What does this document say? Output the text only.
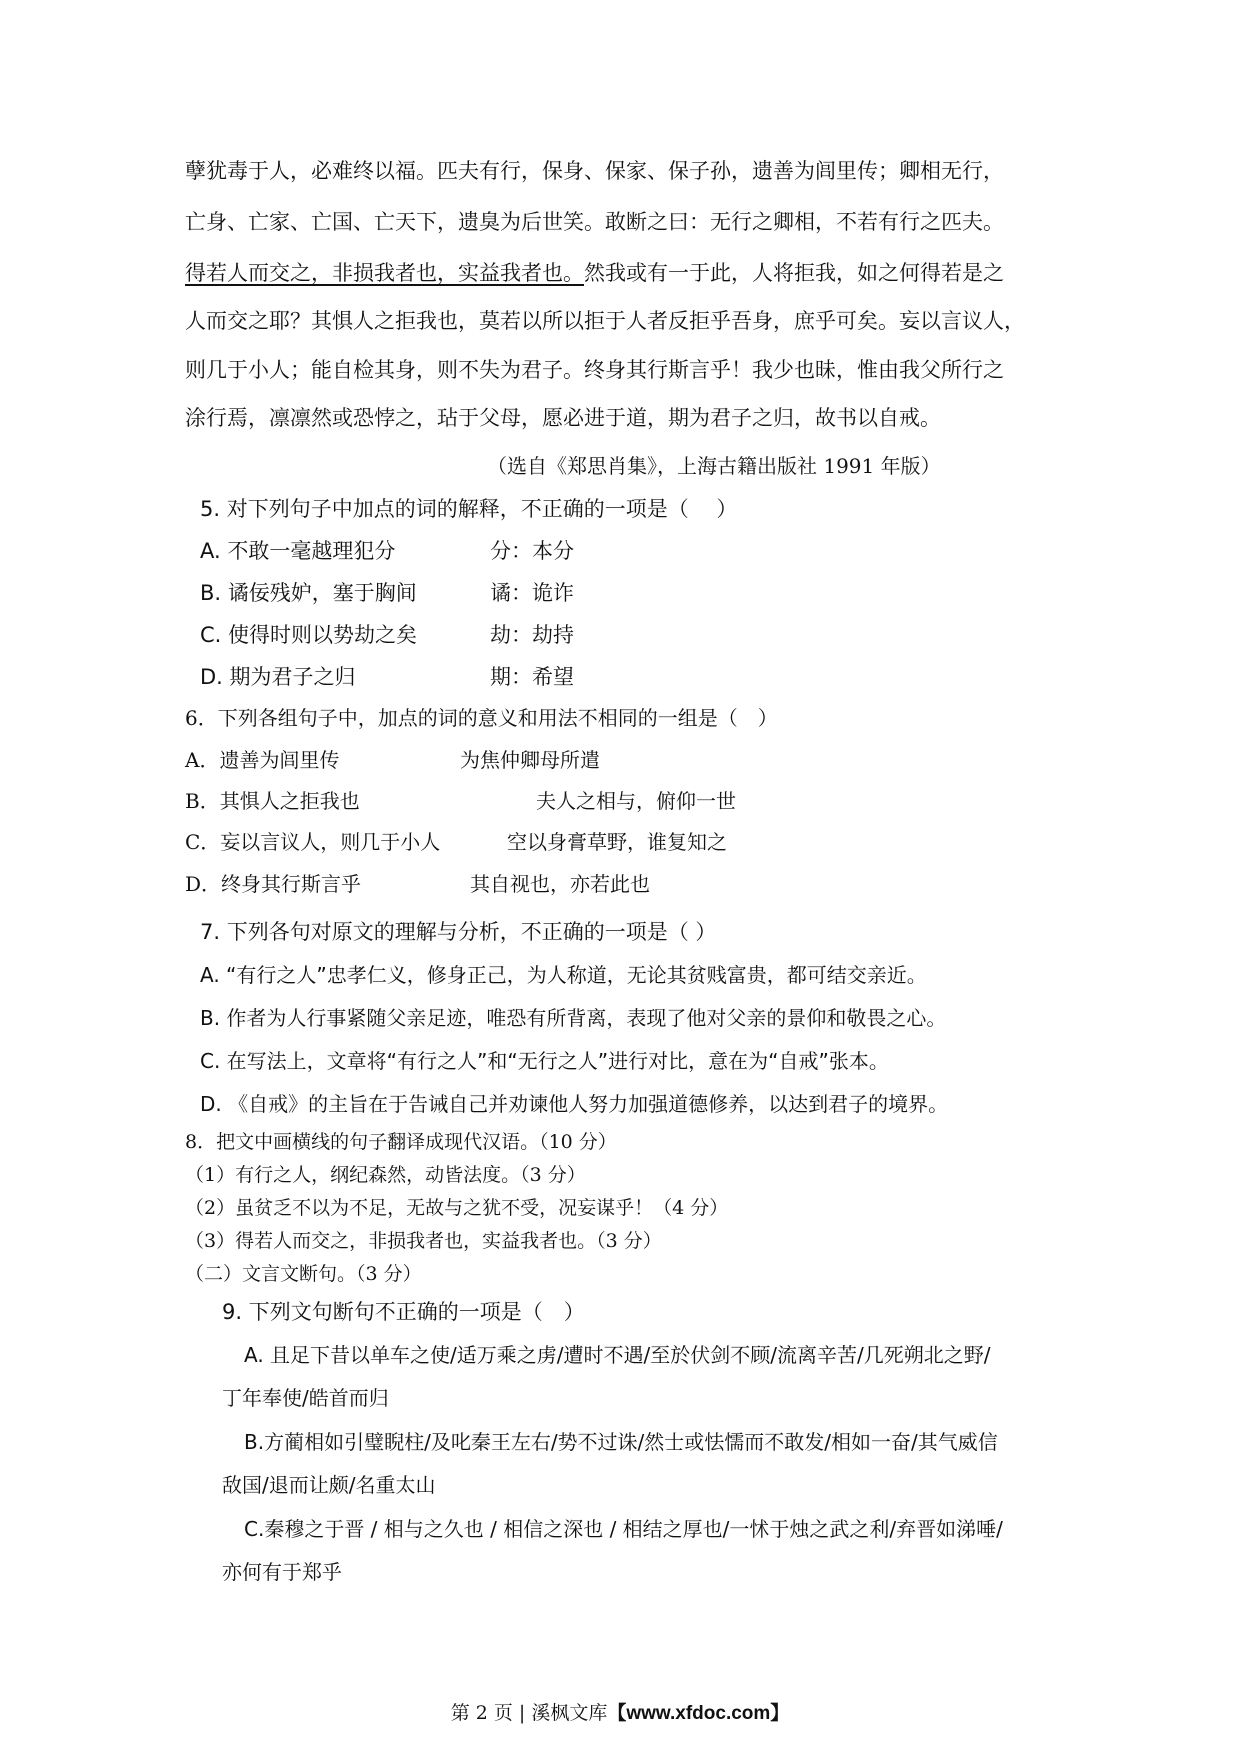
孽犹毒于人，必难终以福。匹夫有行，保身、保家、保子孙，遗善为闾里传；卿相无行，
亡身、亡家、亡国、亡天下，遗臭为后世笑。敢断之曰：无行之卿相，不若有行之匹夫。
得若人而交之，非损我者也，实益我者也。然我或有一于此，人将拒我，如之何得若是之
人而交之耶？其惧人之拒我也，莫若以所以拒于人者反拒乎吾身，庶乎可矣。妄以言议人，
则几于小人；能自检其身，则不失为君子。终身其行斯言乎！我少也昧，惟由我父所行之
涂行焉，凛凛然或恐悖之，玷于父母，愿必进于道，期为君子之归，故书以自戒。
（选自《郑思肖集》，上海古籍出版社 1991 年版）
5. 对下列句子中加点的词的解释，不正确的一项是（　 ）
A. 不敢一毫越理犯分	分：本分
B. 谲佞残妒，塞于胸间	谲：诡诈
C. 使得时则以势劫之矣	劫：劫持
D. 期为君子之归	期：希望
6．下列各组句子中，加点的词的意义和用法不相同的一组是（　）
A．遗善为闾里传	为焦仲卿母所遣
B．其惧人之拒我也	夫人之相与，俯仰一世
C．妄以言议人，则几于小人	空以身膏草野，谁复知之
D．终身其行斯言乎	其自视也，亦若此也
7. 下列各句对原文的理解与分析，不正确的一项是（ ）
A. “有行之人”忠孝仁义，修身正己，为人称道，无论其贫贱富贵，都可结交亲近。
B. 作者为人行事紧随父亲足迹，唯恐有所背离，表现了他对父亲的景仰和敬畏之心。
C. 在写法上，文章将“有行之人”和“无行之人”进行对比，意在为“自戒”张本。
D. 《自戒》的主旨在于告诫自己并劝谏他人努力加强道德修养，以达到君子的境界。
8．把文中画横线的句子翻译成现代汉语。（10 分）
（1）有行之人，纲纪森然，动皆法度。（3 分）
（2）虽贫乏不以为不足，无故与之犹不受，况妄谋乎！（4 分）
（3）得若人而交之，非损我者也，实益我者也。（3 分）
（二）文言文断句。（3 分）
9. 下列文句断句不正确的一项是（　）
A. 且足下昔以单车之使/适万乘之虏/遭时不遇/至於伏剑不顾/流离辛苦/几死朔北之野/
丁年奉使/皓首而归
B.方蔺相如引璧睨柱/及叱秦王左右/势不过诛/然士或怯懦而不敢发/相如一奋/其气威信
敌国/退而让颇/名重太山
C.秦穆之于晋 / 相与之久也 / 相信之深也 / 相结之厚也/一怵于烛之武之利/弃晋如涕唾/
亦何有于郑乎
第 2 页 | 溪枫文库【www.xfdoc.com】
